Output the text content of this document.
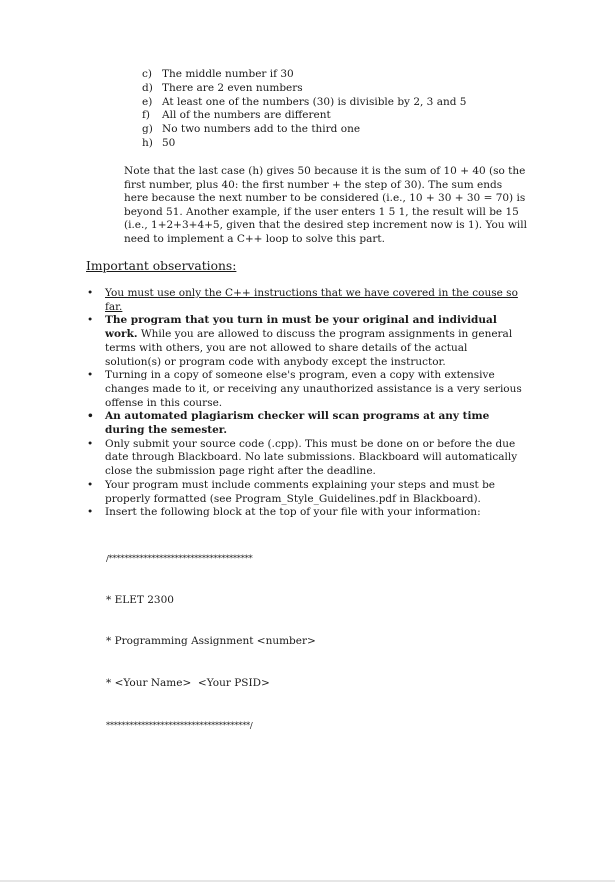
c) The middle number if 30
d) There are 2 even numbers
e) At least one of the numbers (30) is divisible by 2, 3 and 5
f)	All of the numbers are different
g) No two numbers add to the third one
h) 50

Note that the last case (h) gives 50 because it is the sum of 10 + 40 (so the first number, plus 40: the first number + the step of 30). The sum ends here because the next number to be considered (i.e., 10 + 30 + 30 = 70) is beyond 51. Another example, if the user enters 1 5 1, the result will be 15 (i.e., 1+2+3+4+5, given that the desired step increment now is 1). You will need to implement a C++ loop to solve this part.

Important observations:
• You must use only the C++ instructions that we have covered in the couse so far.
• The program that you turn in must be your original and individual work. While you are allowed to discuss the program assignments in general terms with others, you are not allowed to share details of the actual solution(s) or program code with anybody except the instructor.
• Turning in a copy of someone else's program, even a copy with extensive changes made to it, or receiving any unauthorized assistance is a very serious offense in this course.
• An automated plagiarism checker will scan programs at any time during the semester.
• Only submit your source code (.cpp). This must be done on or before the due date through Blackboard. No late submissions. Blackboard will automatically close the submission page right after the deadline.
• Your program must include comments explaining your steps and must be properly formatted (see Program_Style_Guidelines.pdf in Blackboard).
• Insert the following block at the top of your file with your information:

/*************************************

* ELET 2300

* Programming Assignment <number>

* <Your Name>  <Your PSID>

*************************************/
